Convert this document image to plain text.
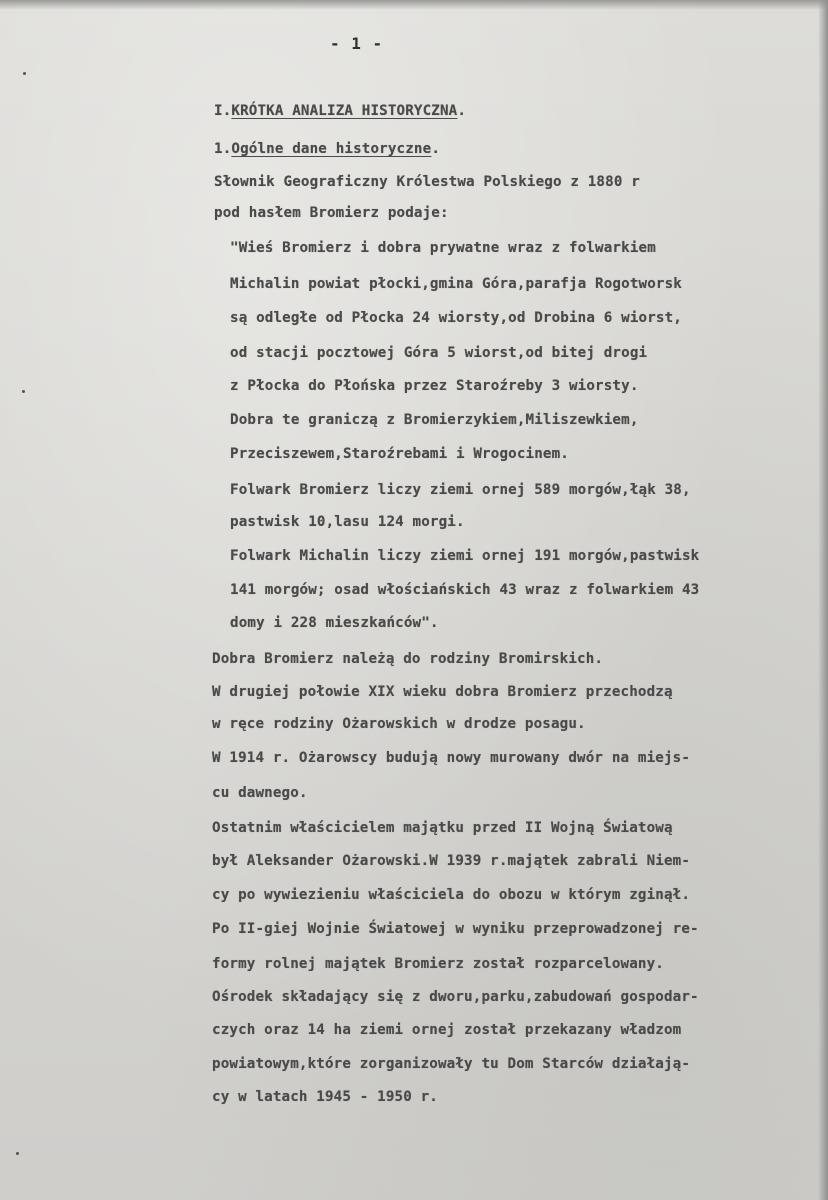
- 1 -
I.KRÓTKA ANALIZA HISTORYCZNA.
1.Ogólne dane historyczne.
Słownik Geograficzny Królestwa Polskiego z 1880 r
pod hasłem Bromierz podaje:
"Wieś Bromierz i dobra prywatne wraz z folwarkiem
Michalin powiat płocki,gmina Góra,parafja Rogotworsk
są odległe od Płocka 24 wiorsty,od Drobina 6 wiorst,
od stacji pocztowej Góra 5 wiorst,od bitej drogi
z Płocka do Płońska przez Staroźreby 3 wiorsty.
Dobra te graniczą z Bromierzykiem,Miliszewkiem,
Przeciszewem,Staroźrebami i Wrogocinem.
Folwark Bromierz liczy ziemi ornej 589 morgów,łąk 38,
pastwisk 10,lasu 124 morgi.
Folwark Michalin liczy ziemi ornej 191 morgów,pastwisk
141 morgów; osad włościańskich 43 wraz z folwarkiem 43
domy i 228 mieszkańców".
Dobra Bromierz należą do rodziny Bromirskich.
W drugiej połowie XIX wieku dobra Bromierz przechodzą
w ręce rodziny Ożarowskich w drodze posagu.
W 1914 r. Ożarowscy budują nowy murowany dwór na miejs-
cu dawnego.
Ostatnim właścicielem majątku przed II Wojną Światową
był Aleksander Ożarowski.W 1939 r.majątek zabrali Niem-
cy po wywiezieniu właściciela do obozu w którym zginął.
Po II-giej Wojnie Światowej w wyniku przeprowadzonej re-
formy rolnej majątek Bromierz został rozparcelowany.
Ośrodek składający się z dworu,parku,zabudowań gospodar-
czych oraz 14 ha ziemi ornej został przekazany władzom
powiatowym,które zorganizowały tu Dom Starców działają-
cy w latach 1945 - 1950 r.
